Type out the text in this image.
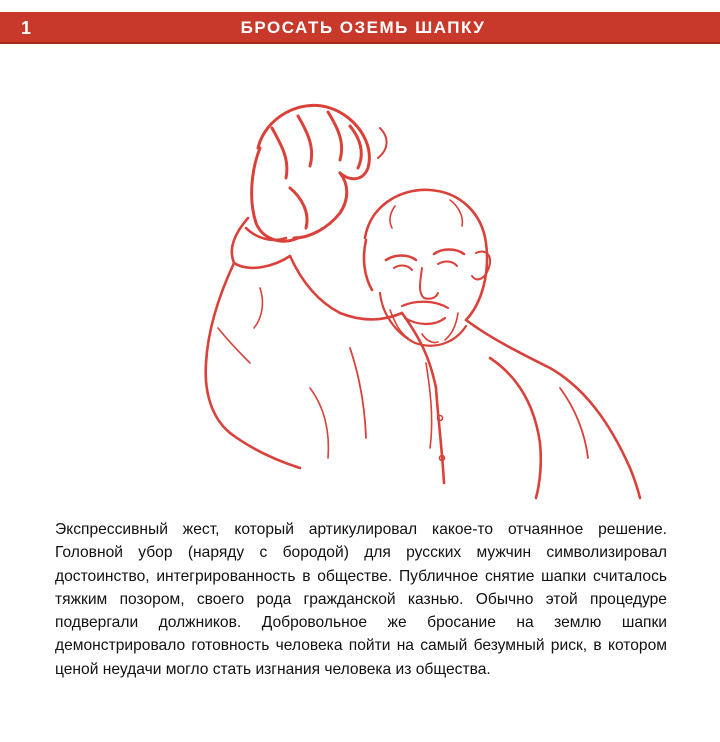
1	БРОСАТЬ ОЗЕМЬ ШАПКУ

Экспрессивный жест, который артикулировал какое-то отчаянное решение. Головной убор (наряду с бородой) для русских мужчин символизировал достоинство, интегрированность в обществе. Публичное снятие шапки считалось тяжким позором, своего рода гражданской казнью. Обычно этой процедуре подвергали должников. Добровольное же бросание на землю шапки демонстрировало готовность человека пойти на самый безумный риск, в котором ценой неудачи могло стать изгнания человека из общества.
